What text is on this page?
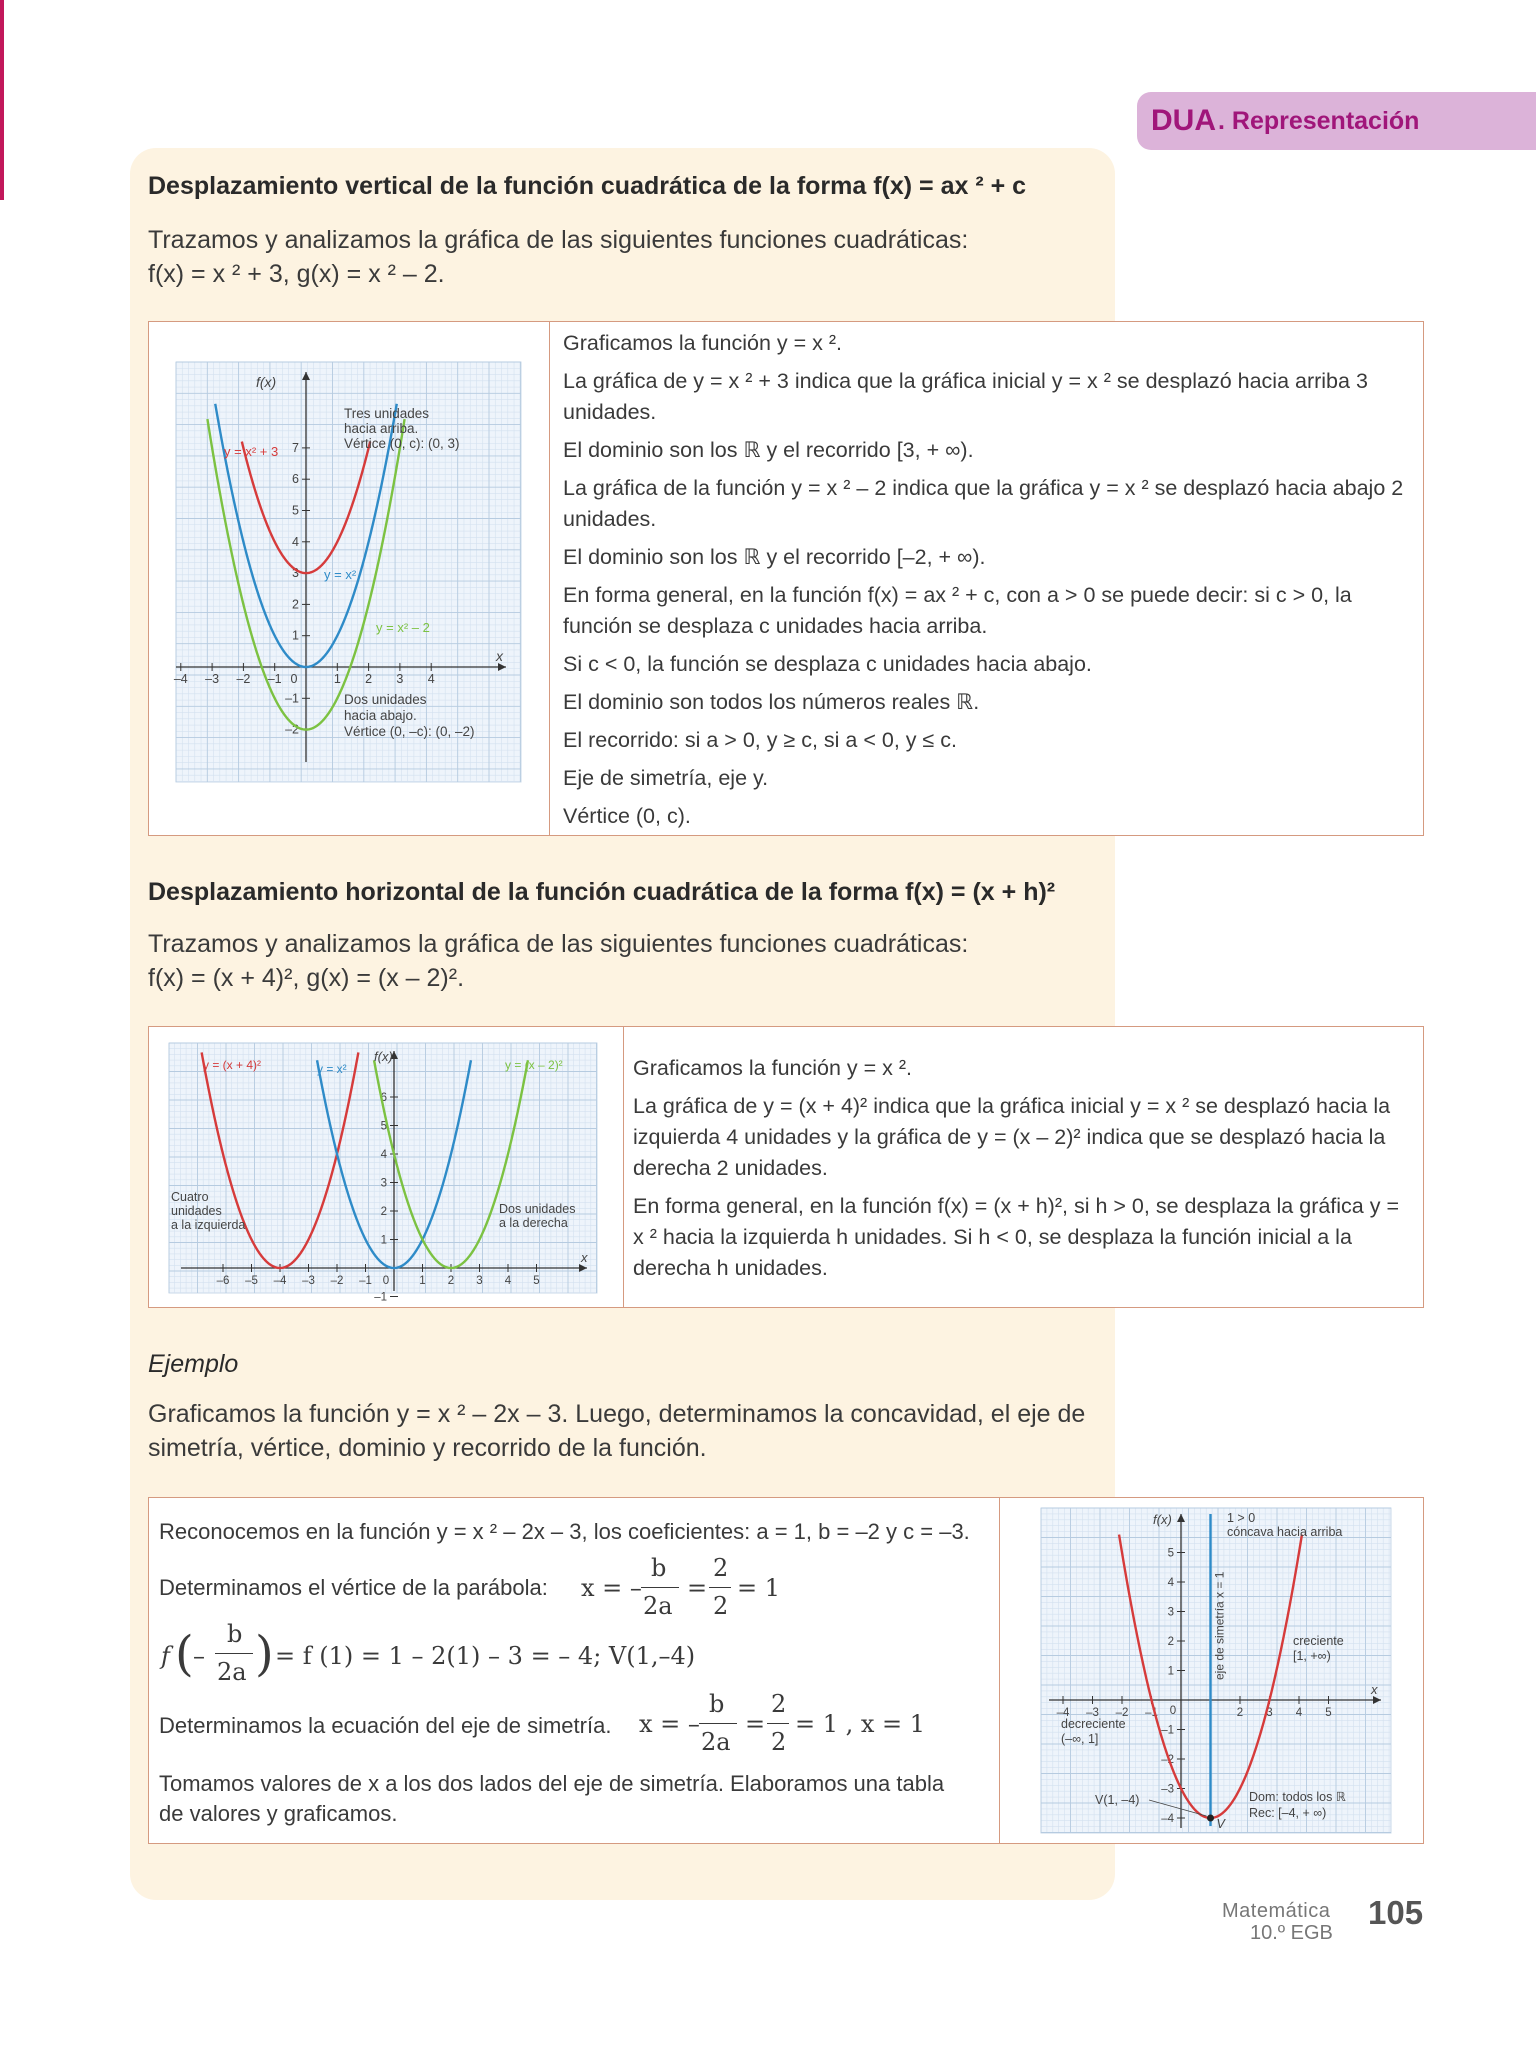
DUA . Representación
Desplazamiento vertical de la función cuadrática de la forma f(x) = ax ² + c
Trazamos y analizamos la gráfica de las siguientes funciones cuadráticas:
f(x) = x ² + 3, g(x) = x ² – 2.
–4 –3 –2 –1	1 2 3 4
7
6
5
4
3
2
1
–1
–2
0
f(x)
x
y = x² + 3
y = x²
y = x² – 2
Tres unidades
hacia arriba.
Vértice (0, c): (0, 3)
Dos unidades
hacia abajo.
Vértice (0, –c): (0, –2)
Graficamos la función y = x ².
La gráfica de y = x ² + 3 indica que la gráfica inicial y = x ² se desplazó hacia arriba 3 unidades.
El dominio son los ℝ y el recorrido [3, + ∞).
La gráfica de la función y = x ² – 2 indica que la gráfica y = x ² se desplazó hacia abajo 2 unidades.
El dominio son los ℝ y el recorrido [–2, + ∞).
En forma general, en la función f(x) = ax ² + c, con a > 0 se puede decir: si c > 0, la función se desplaza c unidades hacia arriba.
Si c < 0, la función se desplaza c unidades hacia abajo.
El dominio son todos los números reales ℝ.
El recorrido: si a > 0, y ≥ c, si a < 0, y ≤ c.
Eje de simetría, eje y.
Vértice (0, c).
Desplazamiento horizontal de la función cuadrática de la forma f(x) = (x + h)²
Trazamos y analizamos la gráfica de las siguientes funciones cuadráticas:
f(x) = (x + 4)², g(x) = (x – 2)².
–6 –5 –4 –3 –2 –1	1 2 3 4 5
6
5
4
3
2
1
–1
0
f(x)
x
y = (x + 4)²	y = x²	y = (x – 2)²
Cuatro
unidades
a la izquierda
Dos unidades
a la derecha
Graficamos la función y = x ².
La gráfica de y = (x + 4)² indica que la gráfica inicial y = x ² se desplazó hacia la izquierda 4 unidades y la gráfica de y = (x – 2)² indica que se desplazó hacia la derecha 2 unidades.
En forma general, en la función f(x) = (x + h)², si h > 0, se desplaza la gráfica y = x ² hacia la izquierda h unidades. Si h < 0, se desplaza la función inicial a la derecha h unidades.
Ejemplo
Graficamos la función y = x ² – 2x – 3. Luego, determinamos la concavidad, el eje de
simetría, vértice, dominio y recorrido de la función.
Reconocemos en la función y = x ² – 2x – 3, los coeficientes: a = 1, b = –2 y c = –3.
Determinamos el vértice de la parábola: x = –
b
2a
=
2
2
= 1
f ( –
b
2a ) = f (1) = 1 – 2(1) – 3 = – 4; V(1,–4)
Determinamos la ecuación del eje de simetría. x = –
b
2a
=
2
2
= 1 , x = 1
Tomamos valores de x a los dos lados del eje de simetría. Elaboramos una tabla
de valores y graficamos.
–4 –3 –2 –1	2 3 4 5
5
4
3
2
1
–1
–2
–3
–4
0
f(x)
x
1 > 0
cóncava hacia arriba
eje de simetría x = 1	creciente
[1, +∞)
decreciente
(–∞, 1]
V(1, –4)
V
Dom: todos los ℝ
Rec: [–4, + ∞)
Matemática
10.º EGB
105
